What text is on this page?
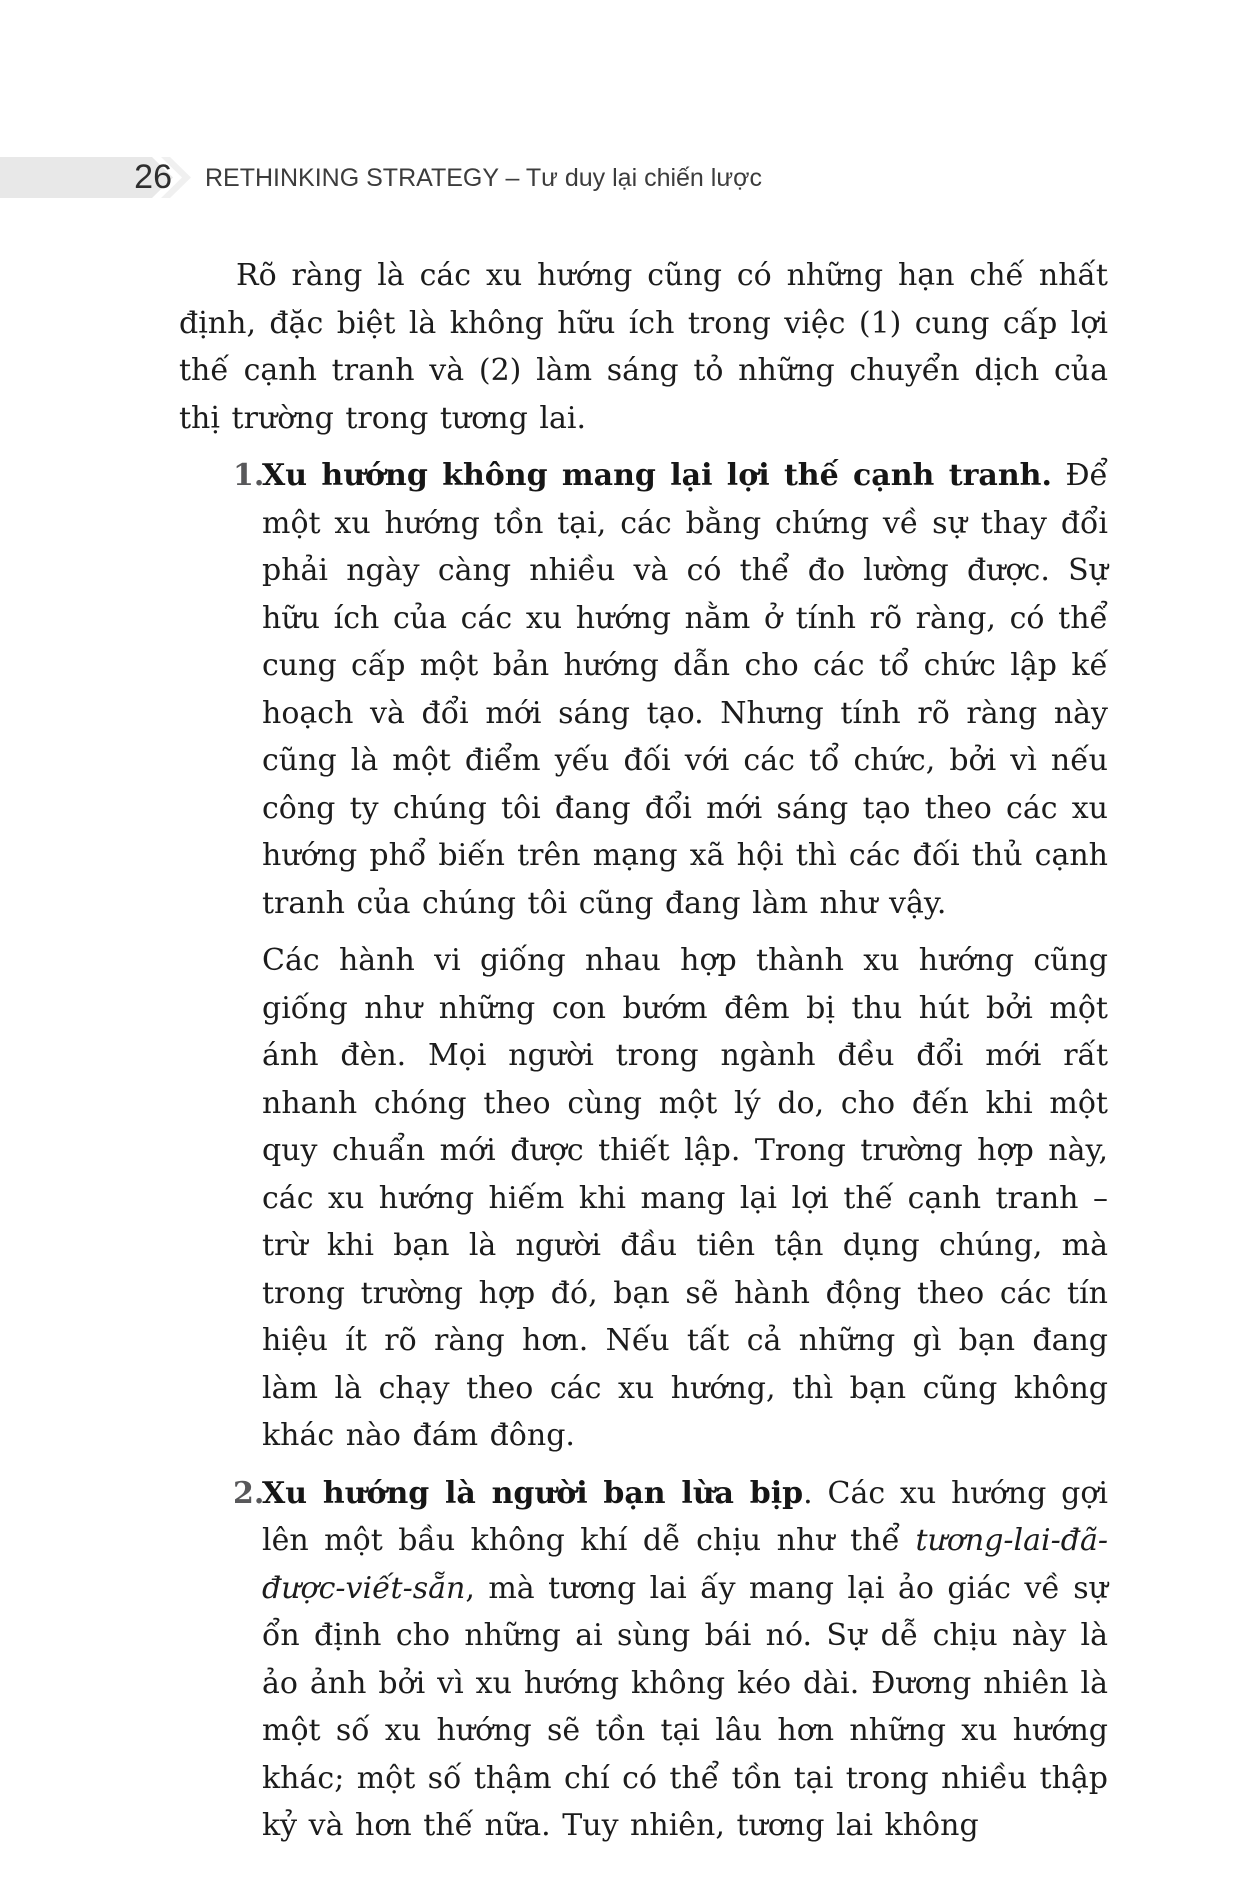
26 RETHINKING STRATEGY – Tư duy lại chiến lược

Rõ ràng là các xu hướng cũng có những hạn chế nhất định, đặc biệt là không hữu ích trong việc (1) cung cấp lợi thế cạnh tranh và (2) làm sáng tỏ những chuyển dịch của thị trường trong tương lai.

1.

Xu hướng không mang lại lợi thế cạnh tranh. Để một xu hướng tồn tại, các bằng chứng về sự thay đổi phải ngày càng nhiều và có thể đo lường được. Sự hữu ích của các xu hướng nằm ở tính rõ ràng, có thể cung cấp một bản hướng dẫn cho các tổ chức lập kế hoạch và đổi mới sáng tạo. Nhưng tính rõ ràng này cũng là một điểm yếu đối với các tổ chức, bởi vì nếu công ty chúng tôi đang đổi mới sáng tạo theo các xu hướng phổ biến trên mạng xã hội thì các đối thủ cạnh tranh của chúng tôi cũng đang làm như vậy.

Các hành vi giống nhau hợp thành xu hướng cũng giống như những con bướm đêm bị thu hút bởi một ánh đèn. Mọi người trong ngành đều đổi mới rất nhanh chóng theo cùng một lý do, cho đến khi một quy chuẩn mới được thiết lập. Trong trường hợp này, các xu hướng hiếm khi mang lại lợi thế cạnh tranh – trừ khi bạn là người đầu tiên tận dụng chúng, mà trong trường hợp đó, bạn sẽ hành động theo các tín hiệu ít rõ ràng hơn. Nếu tất cả những gì bạn đang làm là chạy theo các xu hướng, thì bạn cũng không khác nào đám đông.

2.

Xu hướng là người bạn lừa bịp. Các xu hướng gợi lên một bầu không khí dễ chịu như thể tương-lai-đã-được-viết-sẵn, mà tương lai ấy mang lại ảo giác về sự ổn định cho những ai sùng bái nó. Sự dễ chịu này là ảo ảnh bởi vì xu hướng không kéo dài. Đương nhiên là một số xu hướng sẽ tồn tại lâu hơn những xu hướng khác; một số thậm chí có thể tồn tại trong nhiều thập kỷ và hơn thế nữa. Tuy nhiên, tương lai không
